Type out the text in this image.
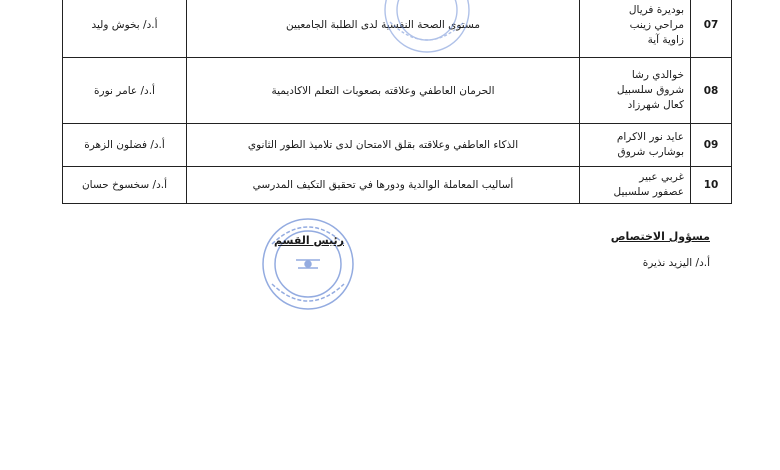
07	بوديرة فريال
مراحي زينب
زاوية آية	مستوى الصحة النفسية لدى الطلبة الجامعيين	أ.د/ بخوش وليد
08	خوالدي رشا
شروق سلسبيل
كعال شهرزاد	الحرمان العاطفي وعلاقته بصعوبات التعلم الاكاديمية	أ.د/ عامر نورة
09	عايد نور الاكرام
بوشارب شروق	الذكاء العاطفي وعلاقته بقلق الامتحان لدى تلاميذ الطور الثانوي	أ.د/ فضلون الزهرة
10	غربي عبير
عصفور سلسبيل	أساليب المعاملة الوالدية ودورها في تحقيق التكيف المدرسي	أ.د/ سخسوخ حسان
مسؤول الاختصاص
أ.د/ اليزيد نذيرة
رئيس القسم
